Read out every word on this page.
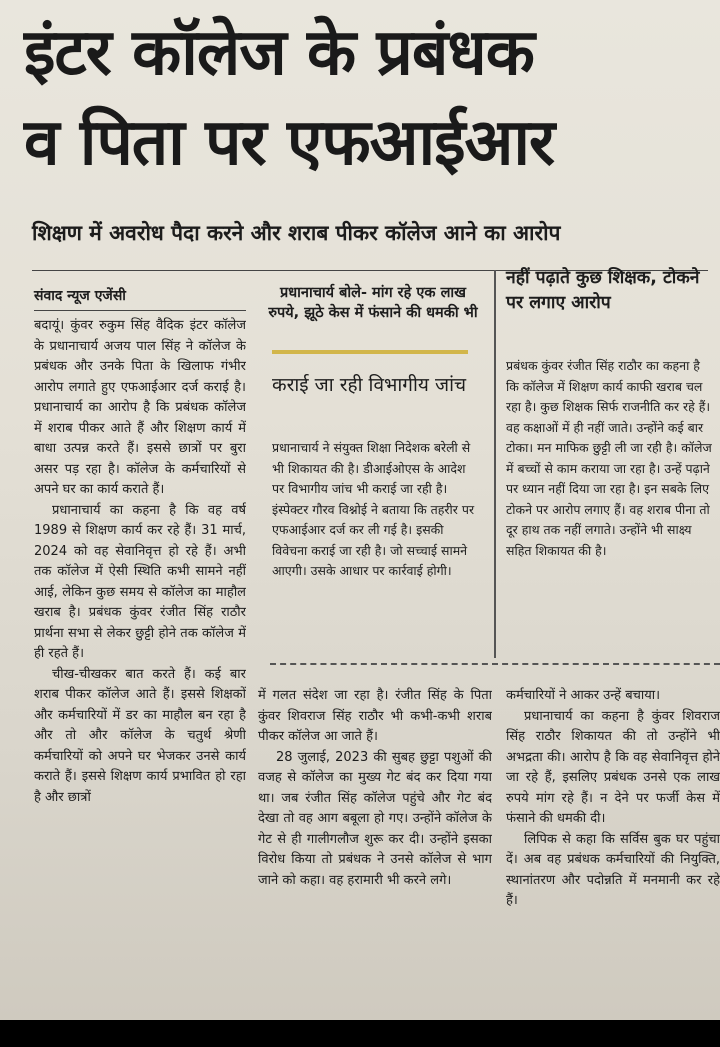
इंटर कॉलेज के प्रबंधक
व पिता पर एफआईआर
शिक्षण में अवरोध पैदा करने और शराब पीकर कॉलेज आने का आरोप
संवाद न्यूज एजेंसी

बदायूं। कुंवर रुकुम सिंह वैदिक इंटर कॉलेज के प्रधानाचार्य अजय पाल सिंह ने कॉलेज के प्रबंधक और उनके पिता के खिलाफ गंभीर आरोप लगाते हुए एफआईआर दर्ज कराई है। प्रधानाचार्य का आरोप है कि प्रबंधक कॉलेज में शराब पीकर आते हैं और शिक्षण कार्य में बाधा उत्पन्न करते हैं। इससे छात्रों पर बुरा असर पड़ रहा है। कॉलेज के कर्मचारियों से अपने घर का कार्य कराते हैं।

प्रधानाचार्य का कहना है कि वह वर्ष 1989 से शिक्षण कार्य कर रहे हैं। 31 मार्च, 2024 को वह सेवानिवृत्त हो रहे हैं। अभी तक कॉलेज में ऐसी स्थिति कभी सामने नहीं आई, लेकिन कुछ समय से कॉलेज का माहौल खराब है। प्रबंधक कुंवर रंजीत सिंह राठौर प्रार्थना सभा से लेकर छुट्टी होने तक कॉलेज में ही रहते हैं।

चीख-चीखकर बात करते हैं। कई बार शराब पीकर कॉलेज आते हैं। इससे शिक्षकों और कर्मचारियों में डर का माहौल बन रहा है और तो और कॉलेज के चतुर्थ श्रेणी कर्मचारियों को अपने घर भेजकर उनसे कार्य कराते हैं। इससे शिक्षण कार्य प्रभावित हो रहा है और छात्रों

प्रधानाचार्य बोले- मांग रहे एक लाख रुपये, झूठे केस में फंसाने की धमकी भी
कराई जा रही विभागीय जांच
प्रधानाचार्य ने संयुक्त शिक्षा निदेशक बरेली से भी शिकायत की है। डीआईओएस के आदेश पर विभागीय जांच भी कराई जा रही है। इंस्पेक्टर गौरव विश्नोई ने बताया कि तहरीर पर एफआईआर दर्ज कर ली गई है। इसकी विवेचना कराई जा रही है। जो सच्चाई सामने आएगी। उसके आधार पर कार्रवाई होगी।
नहीं पढ़ाते कुछ शिक्षक, टोकने पर लगाए आरोप
प्रबंधक कुंवर रंजीत सिंह राठौर का कहना है कि कॉलेज में शिक्षण कार्य काफी खराब चल रहा है। कुछ शिक्षक सिर्फ राजनीति कर रहे हैं। वह कक्षाओं में ही नहीं जाते। उन्होंने कई बार टोका। मन माफिक छुट्टी ली जा रही है। कॉलेज में बच्चों से काम कराया जा रहा है। उन्हें पढ़ाने पर ध्यान नहीं दिया जा रहा है। इन सबके लिए टोकने पर आरोप लगाए हैं। वह शराब पीना तो दूर हाथ तक नहीं लगाते। उन्होंने भी साक्ष्य सहित शिकायत की है।

में गलत संदेश जा रहा है। रंजीत सिंह के पिता कुंवर शिवराज सिंह राठौर भी कभी-कभी शराब पीकर कॉलेज आ जाते हैं।

28 जुलाई, 2023 की सुबह छुट्टा पशुओं की वजह से कॉलेज का मुख्य गेट बंद कर दिया गया था। जब रंजीत सिंह कॉलेज पहुंचे और गेट बंद देखा तो वह आग बबूला हो गए। उन्होंने कॉलेज के गेट से ही गालीगलौज शुरू कर दी। उन्होंने इसका विरोध किया तो प्रबंधक ने उनसे कॉलेज से भाग जाने को कहा। वह हरामारी भी करने लगे।

कर्मचारियों ने आकर उन्हें बचाया।

प्रधानाचार्य का कहना है कुंवर शिवराज सिंह राठौर शिकायत की तो उन्होंने भी अभद्रता की। आरोप है कि वह सेवानिवृत्त होने जा रहे हैं, इसलिए प्रबंधक उनसे एक लाख रुपये मांग रहे हैं। न देने पर फर्जी केस में फंसाने की धमकी दी।

लिपिक से कहा कि सर्विस बुक घर पहुंचा दें। अब वह प्रबंधक कर्मचारियों की नियुक्ति, स्थानांतरण और पदोन्नति में मनमानी कर रहे हैं।
